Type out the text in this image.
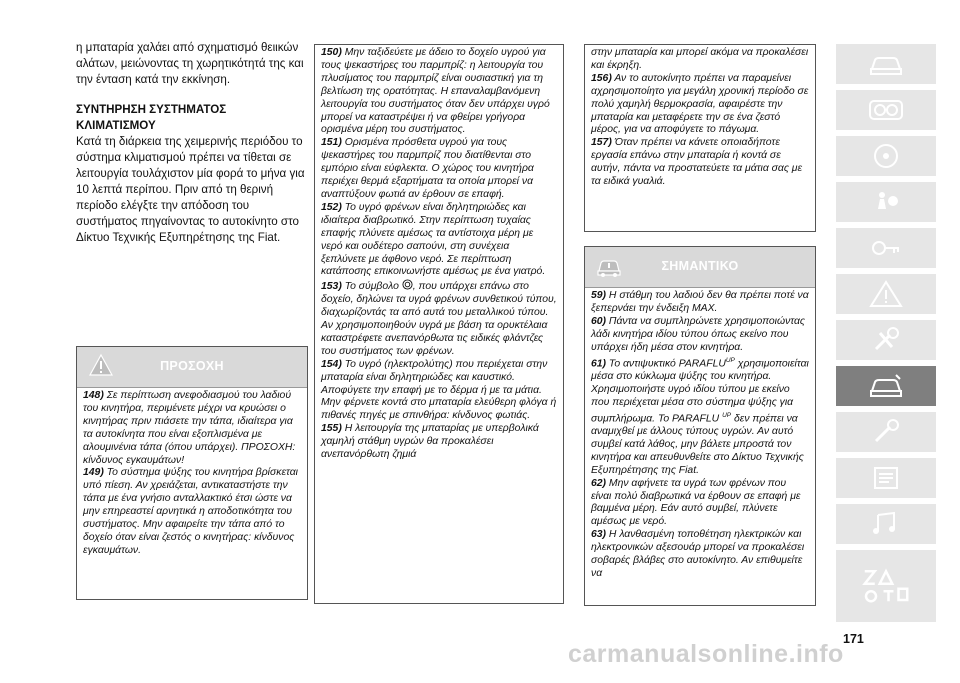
η μπαταρία χαλάει από σχηματισμό θειικών αλάτων, μειώνοντας τη χωρητικότητά της και την ένταση κατά την εκκίνηση.

ΣΥΝΤΗΡΗΣΗ ΣΥΣΤΗΜΑΤΟΣ ΚΛΙΜΑΤΙΣΜΟΥ

Κατά τη διάρκεια της χειμερινής περιόδου το σύστημα κλιματισμού πρέπει να τίθεται σε λειτουργία τουλάχιστον μία φορά το μήνα για 10 λεπτά περίπου. Πριν από τη θερινή περίοδο ελέγξτε την απόδοση του συστήματος πηγαίνοντας το αυτοκίνητο στο Δίκτυο Τεχνικής Εξυπηρέτησης της Fiat.

ΠΡΟΣΟΧΗ

148) Σε περίπτωση ανεφοδιασμού του λαδιού του κινητήρα, περιμένετε μέχρι να κρυώσει ο κινητήρας πριν πιάσετε την τάπα, ιδιαίτερα για τα αυτοκίνητα που είναι εξοπλισμένα με αλουμινένια τάπα (όπου υπάρχει). ΠΡΟΣΟΧΗ: κίνδυνος εγκαυμάτων!

149) Το σύστημα ψύξης του κινητήρα βρίσκεται υπό πίεση. Αν χρειάζεται, αντικαταστήστε την τάπα με ένα γνήσιο ανταλλακτικό έτσι ώστε να μην επηρεαστεί αρνητικά η αποδοτικότητα του συστήματος. Μην αφαιρείτε την τάπα από το δοχείο όταν είναι ζεστός ο κινητήρας: κίνδυνος εγκαυμάτων.

150) Μην ταξιδεύετε με άδειο το δοχείο υγρού για τους ψεκαστήρες του παρμπρίζ: η λειτουργία του πλυσίματος του παρμπρίζ είναι ουσιαστική για τη βελτίωση της ορατότητας. Η επαναλαμβανόμενη λειτουργία του συστήματος όταν δεν υπάρχει υγρό μπορεί να καταστρέψει ή να φθείρει γρήγορα ορισμένα μέρη του συστήματος.

151) Ορισμένα πρόσθετα υγρού για τους ψεκαστήρες του παρμπρίζ που διατίθενται στο εμπόριο είναι εύφλεκτα. Ο χώρος του κινητήρα περιέχει θερμά εξαρτήματα τα οποία μπορεί να αναπτύξουν φωτιά αν έρθουν σε επαφή.

152) Το υγρό φρένων είναι δηλητηριώδες και ιδιαίτερα διαβρωτικό. Στην περίπτωση τυχαίας επαφής πλύνετε αμέσως τα αντίστοιχα μέρη με νερό και ουδέτερο σαπούνι, στη συνέχεια ξεπλύνετε με άφθονο νερό. Σε περίπτωση κατάποσης επικοινωνήστε αμέσως με ένα γιατρό.

153) Το σύμβολο , που υπάρχει επάνω στο δοχείο, δηλώνει τα υγρά φρένων συνθετικού τύπου, διαχωρίζοντάς τα από αυτά του μεταλλικού τύπου. Αν χρησιμοποιηθούν υγρά με βάση τα ορυκτέλαια καταστρέφετε ανεπανόρθωτα τις ειδικές φλάντζες του συστήματος των φρένων.

154) Το υγρό (ηλεκτρολύτης) που περιέχεται στην μπαταρία είναι δηλητηριώδες και καυστικό. Αποφύγετε την επαφή με το δέρμα ή με τα μάτια. Μην φέρνετε κοντά στο μπαταρία ελεύθερη φλόγα ή πιθανές πηγές με σπινθήρα: κίνδυνος φωτιάς.

155) Η λειτουργία της μπαταρίας με υπερβολικά χαμηλή στάθμη υγρών θα προκαλέσει ανεπανόρθωτη ζημιά

στην μπαταρία και μπορεί ακόμα να προκαλέσει και έκρηξη.

156) Αν το αυτοκίνητο πρέπει να παραμείνει αχρησιμοποίητο για μεγάλη χρονική περίοδο σε πολύ χαμηλή θερμοκρασία, αφαιρέστε την μπαταρία και μεταφέρετε την σε ένα ζεστό μέρος, για να αποφύγετε το πάγωμα.

157) Όταν πρέπει να κάνετε οποιαδήποτε εργασία επάνω στην μπαταρία ή κοντά σε αυτήν, πάντα να προστατεύετε τα μάτια σας με τα ειδικά γυαλιά.

ΣΗΜΑΝΤΙΚΟ

59) Η στάθμη του λαδιού δεν θα πρέπει ποτέ να ξεπερνάει την ένδειξη MAX.

60) Πάντα να συμπληρώνετε χρησιμοποιώντας λάδι κινητήρα ιδίου τύπου όπως εκείνο που υπάρχει ήδη μέσα στον κινητήρα.

61) Το αντιψυκτικό $PARAFLU^{UP}$ χρησιμοποιείται μέσα στο κύκλωμα ψύξης του κινητήρα. Χρησιμοποιήστε υγρό ιδίου τύπου με εκείνο που περιέχεται μέσα στο σύστημα ψύξης για συμπλήρωμα. Το PARAFLU $^{UP}$ δεν πρέπει να αναμιχθεί με άλλους τύπους υγρών. Αν αυτό συμβεί κατά λάθος, μην βάλετε μπροστά τον κινητήρα και απευθυνθείτε στο Δίκτυο Τεχνικής Εξυπηρέτησης της Fiat.

62) Μην αφήνετε τα υγρά των φρένων που είναι πολύ διαβρωτικά να έρθουν σε επαφή με βαμμένα μέρη. Εάν αυτό συμβεί, πλύνετε αμέσως με νερό.

63) Η λανθασμένη τοποθέτηση ηλεκτρικών και ηλεκτρονικών αξεσουάρ μπορεί να προκαλέσει σοβαρές βλάβες στο αυτοκίνητο. Αν επιθυμείτε να

171
carmanualsonline.info
